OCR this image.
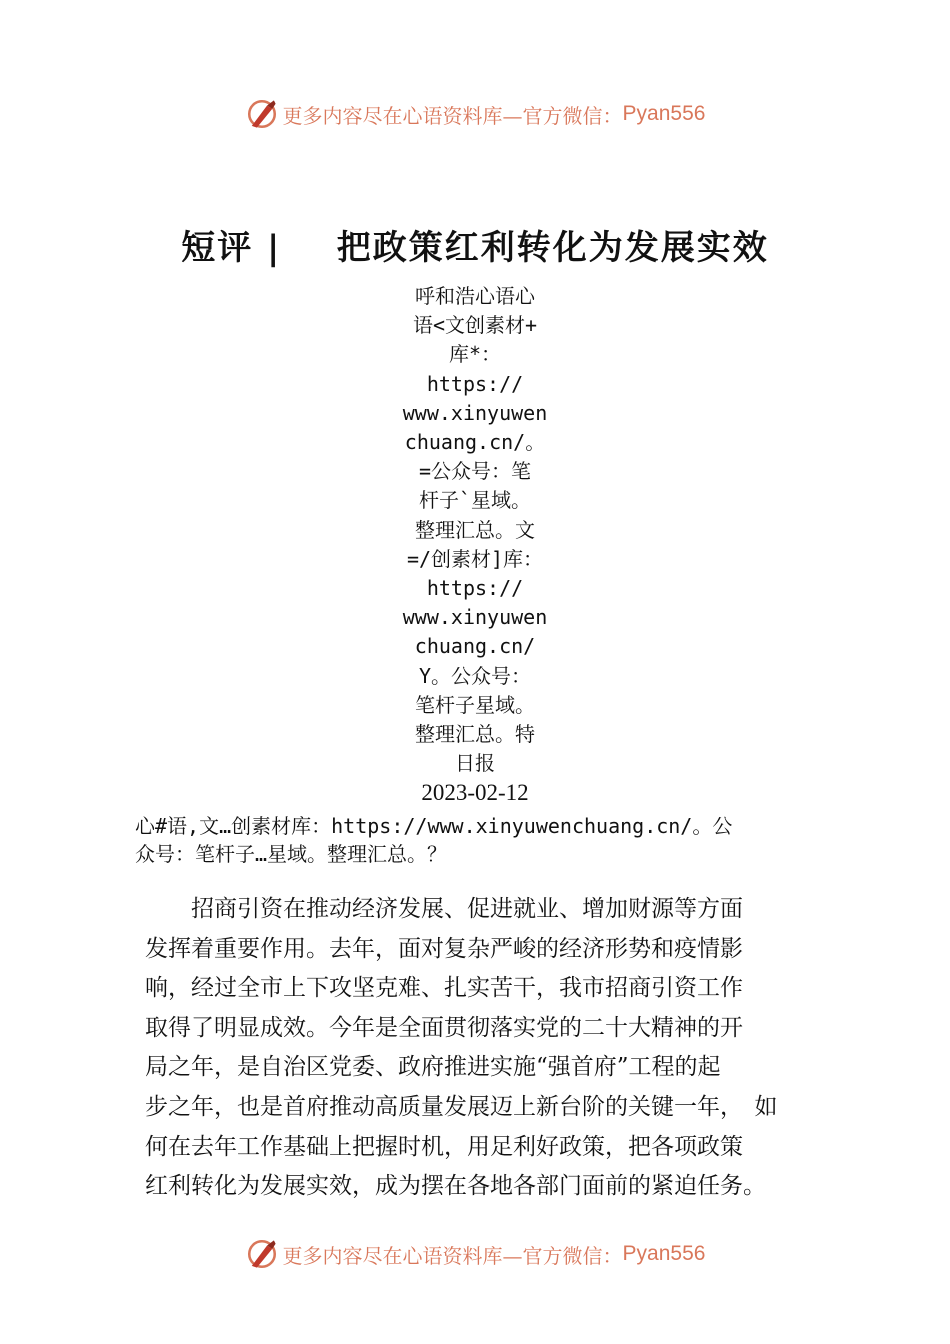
更多内容尽在心语资料库—官方微信： Pyan556
短评 |    把政策红利转化为发展实效
呼和浩心语心
语<文创素材+
库*：
https://
www.xinyuwen
chuang.cn/。
=公众号：笔
杆子`星域。
整理汇总。文
=/创素材]库：
https://
www.xinyuwen
chuang.cn/
Y。公众号：
笔杆子星域。
整理汇总。特
日报
2023-02-12
心#语,文…创素材库：https://www.xinyuwenchuang.cn/。公
众号：笔杆子…星域。整理汇总。？
　　招商引资在推动经济发展、促进就业、增加财源等方面
发挥着重要作用。去年，面对复杂严峻的经济形势和疫情影
响，经过全市上下攻坚克难、扎实苦干，我市招商引资工作
取得了明显成效。今年是全面贯彻落实党的二十大精神的开
局之年，是自治区党委、政府推进实施“强首府”工程的起
步之年，也是首府推动高质量发展迈上新台阶的关键一年，　如
何在去年工作基础上把握时机，用足利好政策，把各项政策
红利转化为发展实效，成为摆在各地各部门面前的紧迫任务。
更多内容尽在心语资料库—官方微信： Pyan556
